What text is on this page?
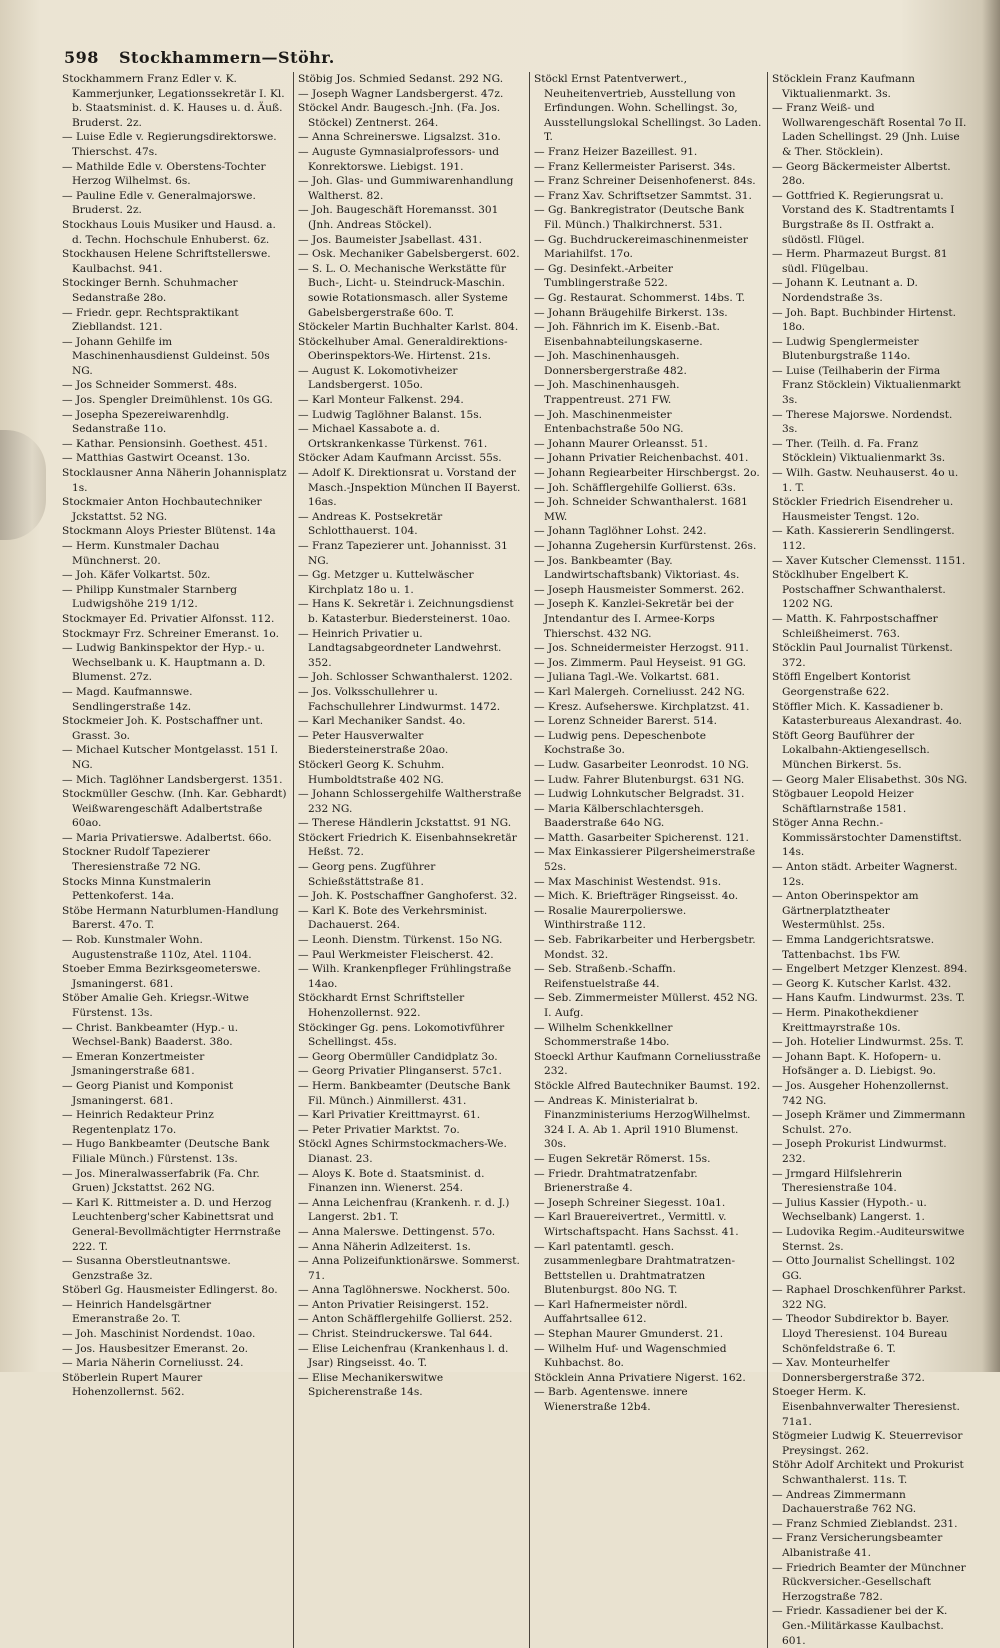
598 Stockhammern—Stöhr.
Stockhammern Franz Edler v. K. Kammerjunker, Legationssekretär I. Kl. b. Staatsminist. d. K. Hauses u. d. Äuß. Bruderst. 2z.
— Luise Edle v. Regierungsdirektorswe. Thierschst. 47s.
— Mathilde Edle v. Oberstens-Tochter Herzog Wilhelmst. 6s.
— Pauline Edle v. Generalmajorswe. Bruderst. 2z.
Stockhaus Louis Musiker und Hausd. a. d. Techn. Hochschule Enhuberst. 6z.
Stockhausen Helene Schriftstellerswe. Kaulbachst. 941.
Stockinger Bernh. Schuhmacher Sedanstraße 28o.
— Friedr. gepr. Rechtspraktikant Ziebllandst. 121.
— Johann Gehilfe im Maschinenhausdienst Guldeinst. 50s NG.
— Jos Schneider Sommerst. 48s.
— Jos. Spengler Dreimühlenst. 10s GG.
— Josepha Spezereiwarenhdlg. Sedanstraße 11o.
— Kathar. Pensionsinh. Goethest. 451.
— Matthias Gastwirt Oceanst. 13o.
Stocklausner Anna Näherin Johannisplatz 1s.
Stockmaier Anton Hochbautechniker Jckstattst. 52 NG.
Stockmann Aloys Priester Blütenst. 14a
— Herm. Kunstmaler Dachau Münchnerst. 20.
— Joh. Käfer Volkartst. 50z.
— Philipp Kunstmaler Starnberg Ludwigshöhe 219 1/12.
Stockmayer Ed. Privatier Alfonsst. 112.
Stockmayr Frz. Schreiner Emeranst. 1o.
— Ludwig Bankinspektor der Hyp.- u. Wechselbank u. K. Hauptmann a. D. Blumenst. 27z.
— Magd. Kaufmannswe. Sendlingerstraße 14z.
Stockmeier Joh. K. Postschaffner unt. Grasst. 3o.
— Michael Kutscher Montgelasst. 151 I. NG.
— Mich. Taglöhner Landsbergerst. 1351.
Stockmüller Geschw. (Inh. Kar. Gebhardt) Weißwarengeschäft Adalbertstraße 60ao.
— Maria Privatierswe. Adalbertst. 66o.
Stockner Rudolf Tapezierer Theresienstraße 72 NG.
Stocks Minna Kunstmalerin Pettenkoferst. 14a.
Stöbe Hermann Naturblumen-Handlung Barerst. 47o. T.
— Rob. Kunstmaler Wohn. Augustenstraße 110z, Atel. 1104.
Stoeber Emma Bezirksgeometerswe. Jsmaningerst. 681.
Stöber Amalie Geh. Kriegsr.-Witwe Fürstenst. 13s.
— Christ. Bankbeamter (Hyp.- u. Wechsel-Bank) Baaderst. 38o.
— Emeran Konzertmeister Jsmaningerstraße 681.
— Georg Pianist und Komponist Jsmaningerst. 681.
— Heinrich Redakteur Prinz Regentenplatz 17o.
— Hugo Bankbeamter (Deutsche Bank Filiale Münch.) Fürstenst. 13s.
— Jos. Mineralwasserfabrik (Fa. Chr. Gruen) Jckstattst. 262 NG.
— Karl K. Rittmeister a. D. und Herzog Leuchtenberg'scher Kabinettsrat und General-Bevollmächtigter Herrnstraße 222. T.
— Susanna Oberstleutnantswe. Genzstraße 3z.
Stöberl Gg. Hausmeister Edlingerst. 8o.
— Heinrich Handelsgärtner Emeranstraße 2o. T.
— Joh. Maschinist Nordendst. 10ao.
— Jos. Hausbesitzer Emeranst. 2o.
— Maria Näherin Corneliusst. 24.
Stöberlein Rupert Maurer Hohenzollernst. 562.
Stöbig Jos. Schmied Sedanst. 292 NG.
— Joseph Wagner Landsbergerst. 47z.
Stöckel Andr. Baugesch.-Jnh. (Fa. Jos. Stöckel) Zentnerst. 264.
— Anna Schreinerswe. Ligsalzst. 31o.
— Auguste Gymnasialprofessors- und Konrektorswe. Liebigst. 191.
— Joh. Glas- und Gummiwarenhandlung Waltherst. 82.
— Joh. Baugeschäft Horemansst. 301 (Jnh. Andreas Stöckel).
— Jos. Baumeister Jsabellast. 431.
— Osk. Mechaniker Gabelsbergerst. 602.
— S. L. O. Mechanische Werkstätte für Buch-, Licht- u. Steindruck-Maschin. sowie Rotationsmasch. aller Systeme Gabelsbergerstraße 60o. T.
Stöckeler Martin Buchhalter Karlst. 804.
Stöckelhuber Amal. Generaldirektions-Oberinspektors-We. Hirtenst. 21s.
— August K. Lokomotivheizer Landsbergerst. 105o.
— Karl Monteur Falkenst. 294.
— Ludwig Taglöhner Balanst. 15s.
— Michael Kassabote a. d. Ortskrankenkasse Türkenst. 761.
Stöcker Adam Kaufmann Arcisst. 55s.
— Adolf K. Direktionsrat u. Vorstand der Masch.-Jnspektion München II Bayerst. 16as.
— Andreas K. Postsekretär Schlotthauerst. 104.
— Franz Tapezierer unt. Johannisst. 31 NG.
— Gg. Metzger u. Kuttelwäscher Kirchplatz 18o u. 1.
— Hans K. Sekretär i. Zeichnungsdienst b. Katasterbur. Biedersteinerst. 10ao.
— Heinrich Privatier u. Landtagsabgeordneter Landwehrst. 352.
— Joh. Schlosser Schwanthalerst. 1202.
— Jos. Volksschullehrer u. Fachschullehrer Lindwurmst. 1472.
— Karl Mechaniker Sandst. 4o.
— Peter Hausverwalter Biedersteinerstraße 20ao.
Stöckerl Georg K. Schuhm. Humboldtstraße 402 NG.
— Johann Schlossergehilfe Waltherstraße 232 NG.
— Therese Händlerin Jckstattst. 91 NG.
Stöckert Friedrich K. Eisenbahnsekretär Heßst. 72.
— Georg pens. Zugführer Schießstättstraße 81.
— Joh. K. Postschaffner Ganghoferst. 32.
— Karl K. Bote des Verkehrsminist. Dachauerst. 264.
— Leonh. Dienstm. Türkenst. 15o NG.
— Paul Werkmeister Fleischerst. 42.
— Wilh. Krankenpfleger Frühlingstraße 14ao.
Stöckhardt Ernst Schriftsteller Hohenzollernst. 922.
Stöckinger Gg. pens. Lokomotivführer Schellingst. 45s.
— Georg Obermüller Candidplatz 3o.
— Georg Privatier Plinganserst. 57c1.
— Herm. Bankbeamter (Deutsche Bank Fil. Münch.) Ainmillerst. 431.
— Karl Privatier Kreittmayrst. 61.
— Peter Privatier Marktst. 7o.
Stöckl Agnes Schirmstockmachers-We. Dianast. 23.
— Aloys K. Bote d. Staatsminist. d. Finanzen inn. Wienerst. 254.
— Anna Leichenfrau (Krankenh. r. d. J.) Langerst. 2b1. T.
— Anna Malerswe. Dettingenst. 57o.
— Anna Näherin Adlzeiterst. 1s.
— Anna Polizeifunktionärswe. Sommerst. 71.
— Anna Taglöhnerswe. Nockherst. 50o.
— Anton Privatier Reisingerst. 152.
— Anton Schäfflergehilfe Gollierst. 252.
— Christ. Steindruckerswe. Tal 644.
— Elise Leichenfrau (Krankenhaus l. d. Jsar) Ringseisst. 4o. T.
— Elise Mechanikerswitwe Spicherenstraße 14s.
Stöckl Ernst Patentverwert., Neuheitenvertrieb, Ausstellung von Erfindungen. Wohn. Schellingst. 3o, Ausstellungslokal Schellingst. 3o Laden. T.
— Franz Heizer Bazeillest. 91.
— Franz Kellermeister Pariserst. 34s.
— Franz Schreiner Deisenhofenerst. 84s.
— Franz Xav. Schriftsetzer Sammtst. 31.
— Gg. Bankregistrator (Deutsche Bank Fil. Münch.) Thalkirchnerst. 531.
— Gg. Buchdruckereimaschinenmeister Mariahilfst. 17o.
— Gg. Desinfekt.-Arbeiter Tumblingerstraße 522.
— Gg. Restaurat. Schommerst. 14bs. T.
— Johann Bräugehilfe Birkerst. 13s.
— Joh. Fähnrich im K. Eisenb.-Bat. Eisenbahnabteilungskaserne.
— Joh. Maschinenhausgeh. Donnersbergerstraße 482.
— Joh. Maschinenhausgeh. Trappentreust. 271 FW.
— Joh. Maschinenmeister Entenbachstraße 50o NG.
— Johann Maurer Orleansst. 51.
— Johann Privatier Reichenbachst. 401.
— Johann Regiearbeiter Hirschbergst. 2o.
— Joh. Schäfflergehilfe Gollierst. 63s.
— Joh. Schneider Schwanthalerst. 1681 MW.
— Johann Taglöhner Lohst. 242.
— Johanna Zugehersin Kurfürstenst. 26s.
— Jos. Bankbeamter (Bay. Landwirtschaftsbank) Viktoriast. 4s.
— Joseph Hausmeister Sommerst. 262.
— Joseph K. Kanzlei-Sekretär bei der Jntendantur des I. Armee-Korps Thierschst. 432 NG.
— Jos. Schneidermeister Herzogst. 911.
— Jos. Zimmerm. Paul Heyseist. 91 GG.
— Juliana Tagl.-We. Volkartst. 681.
— Karl Malergeh. Corneliusst. 242 NG.
— Kresz. Aufseherswe. Kirchplatzst. 41.
— Lorenz Schneider Barerst. 514.
— Ludwig pens. Depeschenbote Kochstraße 3o.
— Ludw. Gasarbeiter Leonrodst. 10 NG.
— Ludw. Fahrer Blutenburgst. 631 NG.
— Ludwig Lohnkutscher Belgradst. 31.
— Maria Kälberschlachtersgeh. Baaderstraße 64o NG.
— Matth. Gasarbeiter Spicherenst. 121.
— Max Einkassierer Pilgersheimerstraße 52s.
— Max Maschinist Westendst. 91s.
— Mich. K. Briefträger Ringseisst. 4o.
— Rosalie Maurerpolierswe. Winthirstraße 112.
— Seb. Fabrikarbeiter und Herbergsbetr. Mondst. 32.
— Seb. Straßenb.-Schaffn. Reifenstuelstraße 44.
— Seb. Zimmermeister Müllerst. 452 NG. I. Aufg.
— Wilhelm Schenkkellner Schommerstraße 14bo.
Stoeckl Arthur Kaufmann Corneliusstraße 232.
Stöckle Alfred Bautechniker Baumst. 192.
— Andreas K. Ministerialrat b. Finanzministeriums HerzogWilhelmst. 324 I. A. Ab 1. April 1910 Blumenst. 30s.
— Eugen Sekretär Römerst. 15s.
— Friedr. Drahtmatratzenfabr. Brienerstraße 4.
— Joseph Schreiner Siegesst. 10a1.
— Karl Brauereivertret., Vermittl. v. Wirtschaftspacht. Hans Sachsst. 41.
— Karl patentamtl. gesch. zusammenlegbare Drahtmatratzen-Bettstellen u. Drahtmatratzen Blutenburgst. 80o NG. T.
— Karl Hafnermeister nördl. Auffahrtsallee 612.
— Stephan Maurer Gmunderst. 21.
— Wilhelm Huf- und Wagenschmied Kuhbachst. 8o.
Stöcklein Anna Privatiere Nigerst. 162.
— Barb. Agentenswe. innere Wienerstraße 12b4.
Stöcklein Franz Kaufmann Viktualienmarkt. 3s.
— Franz Weiß- und Wollwarengeschäft Rosental 7o II. Laden Schellingst. 29 (Jnh. Luise & Ther. Stöcklein).
— Georg Bäckermeister Albertst. 28o.
— Gottfried K. Regierungsrat u. Vorstand des K. Stadtrentamts I Burgstraße 8s II. Ostfrakt a. südöstl. Flügel.
— Herm. Pharmazeut Burgst. 81 südl. Flügelbau.
— Johann K. Leutnant a. D. Nordendstraße 3s.
— Joh. Bapt. Buchbinder Hirtenst. 18o.
— Ludwig Spenglermeister Blutenburgstraße 114o.
— Luise (Teilhaberin der Firma Franz Stöcklein) Viktualienmarkt 3s.
— Therese Majorswe. Nordendst. 3s.
— Ther. (Teilh. d. Fa. Franz Stöcklein) Viktualienmarkt 3s.
— Wilh. Gastw. Neuhauserst. 4o u. 1. T.
Stöckler Friedrich Eisendreher u. Hausmeister Tengst. 12o.
— Kath. Kassiererin Sendlingerst. 112.
— Xaver Kutscher Clemensst. 1151.
Stöcklhuber Engelbert K. Postschaffner Schwanthalerst. 1202 NG.
— Matth. K. Fahrpostschaffner Schleißheimerst. 763.
Stöcklin Paul Journalist Türkenst. 372.
Stöffl Engelbert Kontorist Georgenstraße 622.
Stöffler Mich. K. Kassadiener b. Katasterbureaus Alexandrast. 4o.
Stöft Georg Bauführer der Lokalbahn-Aktiengesellsch. München Birkerst. 5s.
— Georg Maler Elisabethst. 30s NG.
Stögbauer Leopold Heizer Schäftlarnstraße 1581.
Stöger Anna Rechn.-Kommissärstochter Damenstiftst. 14s.
— Anton städt. Arbeiter Wagnerst. 12s.
— Anton Oberinspektor am Gärtnerplatztheater Westermühlst. 25s.
— Emma Landgerichtsratswe. Tattenbachst. 1bs FW.
— Engelbert Metzger Klenzest. 894.
— Georg K. Kutscher Karlst. 432.
— Hans Kaufm. Lindwurmst. 23s. T.
— Herm. Pinakothekdiener Kreittmayrstraße 10s.
— Joh. Hotelier Lindwurmst. 25s. T.
— Johann Bapt. K. Hofopern- u. Hofsänger a. D. Liebigst. 9o.
— Jos. Ausgeher Hohenzollernst. 742 NG.
— Joseph Krämer und Zimmermann Schulst. 27o.
— Joseph Prokurist Lindwurmst. 232.
— Jrmgard Hilfslehrerin Theresienstraße 104.
— Julius Kassier (Hypoth.- u. Wechselbank) Langerst. 1.
— Ludovika Regim.-Auditeurswitwe Sternst. 2s.
— Otto Journalist Schellingst. 102 GG.
— Raphael Droschkenführer Parkst. 322 NG.
— Theodor Subdirektor b. Bayer. Lloyd Theresienst. 104 Bureau Schönfeldstraße 6. T.
— Xav. Monteurhelfer Donnersbergerstraße 372.
Stoeger Herm. K. Eisenbahnverwalter Theresienst. 71a1.
Stögmeier Ludwig K. Steuerrevisor Preysingst. 262.
Stöhr Adolf Architekt und Prokurist Schwanthalerst. 11s. T.
— Andreas Zimmermann Dachauerstraße 762 NG.
— Franz Schmied Zieblandst. 231.
— Franz Versicherungsbeamter Albanistraße 41.
— Friedrich Beamter der Münchner Rückversicher.-Gesellschaft Herzogstraße 782.
— Friedr. Kassadiener bei der K. Gen.-Militärkasse Kaulbachst. 601.
